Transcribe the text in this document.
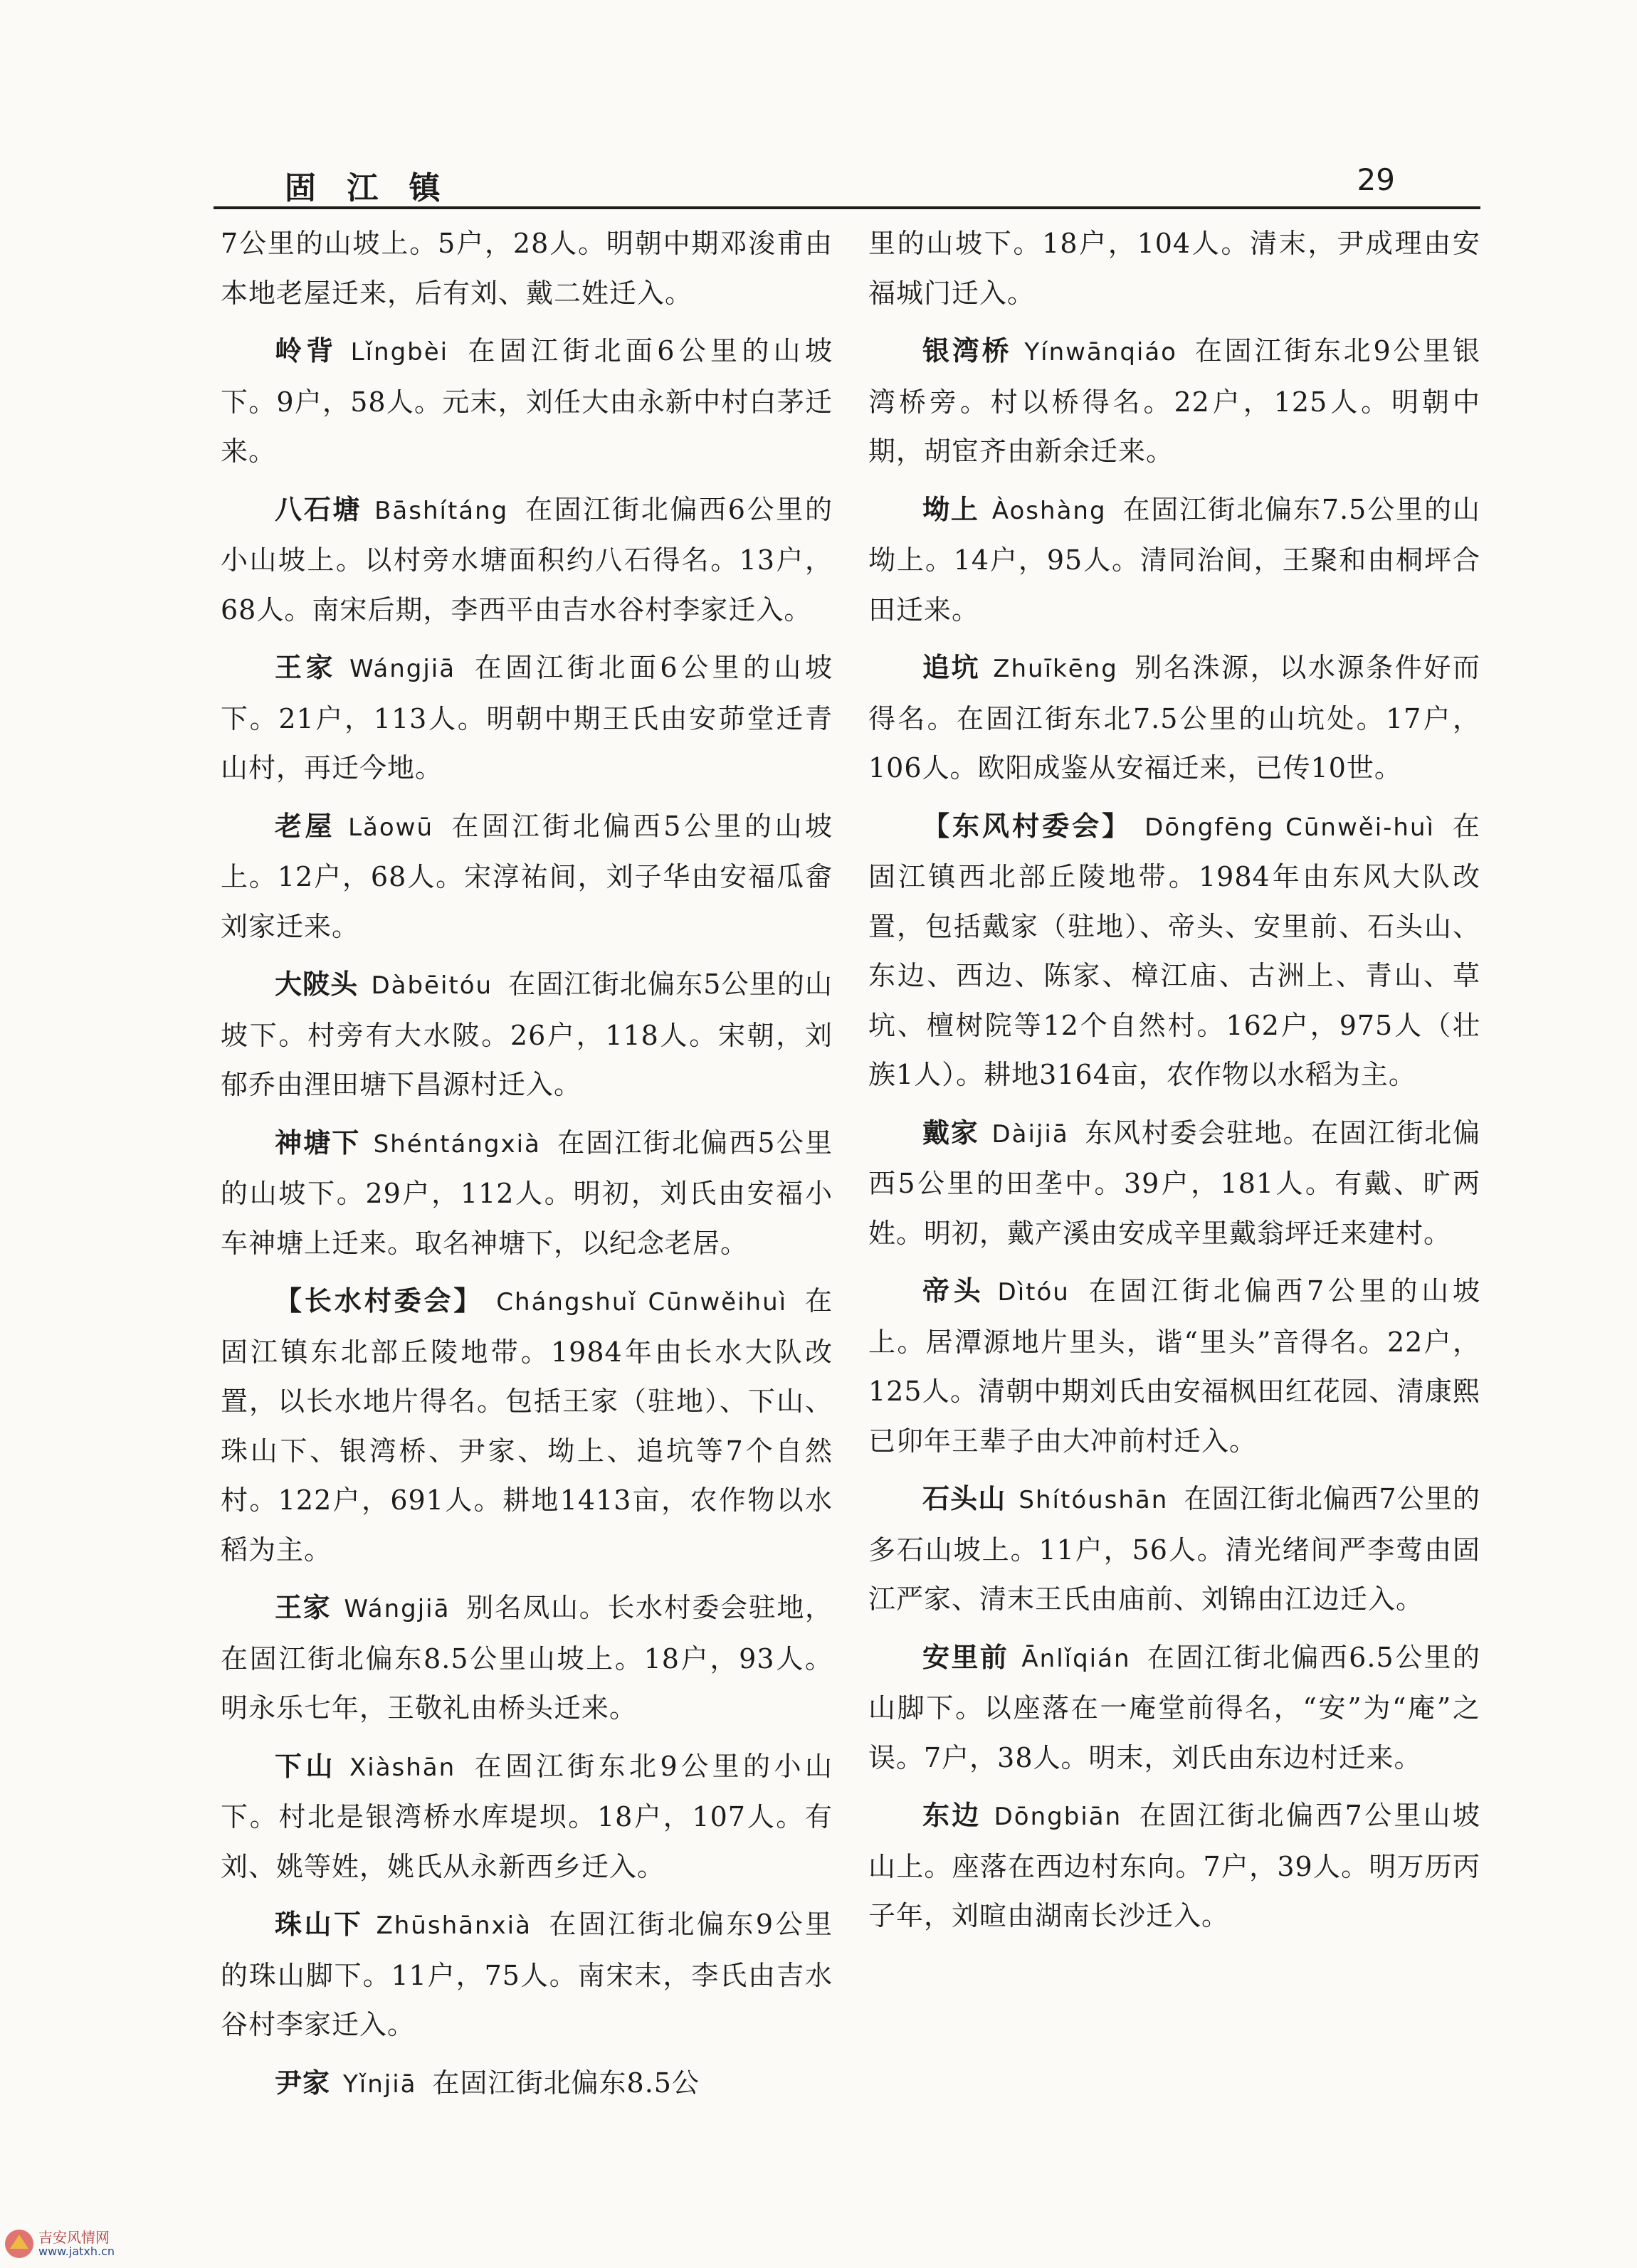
固 江 镇	29

7公里的山坡上。5户，28人。明朝中期邓浚甫由本地老屋迁来，后有刘、戴二姓迁入。

岭背 Lǐngbèi 在固江街北面6公里的山坡下。9户，58人。元末，刘任大由永新中村白茅迁来。

八石塘 Bāshítáng 在固江街北偏西6公里的小山坡上。以村旁水塘面积约八石得名。13户，68人。南宋后期，李西平由吉水谷村李家迁入。

王家 Wángjiā 在固江街北面6公里的山坡下。21户，113人。明朝中期王氏由安茆堂迁青山村，再迁今地。

老屋 Lǎowū 在固江街北偏西5公里的山坡上。12户，68人。宋淳祐间，刘子华由安福瓜畲刘家迁来。

大陂头 Dàbēitóu 在固江街北偏东5公里的山坡下。村旁有大水陂。26户，118人。宋朝，刘郁乔由浬田塘下昌源村迁入。

神塘下 Shéntángxià 在固江街北偏西5公里的山坡下。29户，112人。明初，刘氏由安福小车神塘上迁来。取名神塘下，以纪念老居。

【长水村委会】 Chángshuǐ Cūnwěihuì 在固江镇东北部丘陵地带。1984年由长水大队改置，以长水地片得名。包括王家（驻地）、下山、珠山下、银湾桥、尹家、坳上、追坑等7个自然村。122户，691人。耕地1413亩，农作物以水稻为主。

王家 Wángjiā 别名凤山。长水村委会驻地，在固江街北偏东8.5公里山坡上。18户，93人。明永乐七年，王敬礼由桥头迁来。

下山 Xiàshān 在固江街东北9公里的小山下。村北是银湾桥水库堤坝。18户，107人。有刘、姚等姓，姚氏从永新西乡迁入。

珠山下 Zhūshānxià 在固江街北偏东9公里的珠山脚下。11户，75人。南宋末，李氏由吉水谷村李家迁入。

尹家 Yǐnjiā 在固江街北偏东8.5公

里的山坡下。18户，104人。清末，尹成理由安福城门迁入。

银湾桥 Yínwānqiáo 在固江街东北9公里银湾桥旁。村以桥得名。22户，125人。明朝中期，胡宦齐由新余迁来。

坳上 Àoshàng 在固江街北偏东7.5公里的山坳上。14户，95人。清同治间，王聚和由桐坪合田迁来。

追坑 Zhuīkēng 别名洙源，以水源条件好而得名。在固江街东北7.5公里的山坑处。17户，106人。欧阳成鉴从安福迁来，已传10世。

【东风村委会】 Dōngfēng Cūnwěi-huì 在固江镇西北部丘陵地带。1984年由东风大队改置，包括戴家（驻地）、帝头、安里前、石头山、东边、西边、陈家、樟江庙、古洲上、青山、草坑、檀树院等12个自然村。162户，975人（壮族1人）。耕地3164亩，农作物以水稻为主。

戴家 Dàijiā 东风村委会驻地。在固江街北偏西5公里的田垄中。39户，181人。有戴、旷两姓。明初，戴产溪由安成辛里戴翁坪迁来建村。

帝头 Dìtóu 在固江街北偏西7公里的山坡上。居潭源地片里头，谐“里头”音得名。22户，125人。清朝中期刘氏由安福枫田红花园、清康熙已卯年王辈子由大冲前村迁入。

石头山 Shítóushān 在固江街北偏西7公里的多石山坡上。11户，56人。清光绪间严李莺由固江严家、清末王氏由庙前、刘锦由江边迁入。

安里前 Ānlǐqián 在固江街北偏西6.5公里的山脚下。以座落在一庵堂前得名，“安”为“庵”之误。7户，38人。明末，刘氏由东边村迁来。

东边 Dōngbiān 在固江街北偏西7公里山坡山上。座落在西边村东向。7户，39人。明万历丙子年，刘暄由湖南长沙迁入。

吉安风情网
www.jatxh.cn
